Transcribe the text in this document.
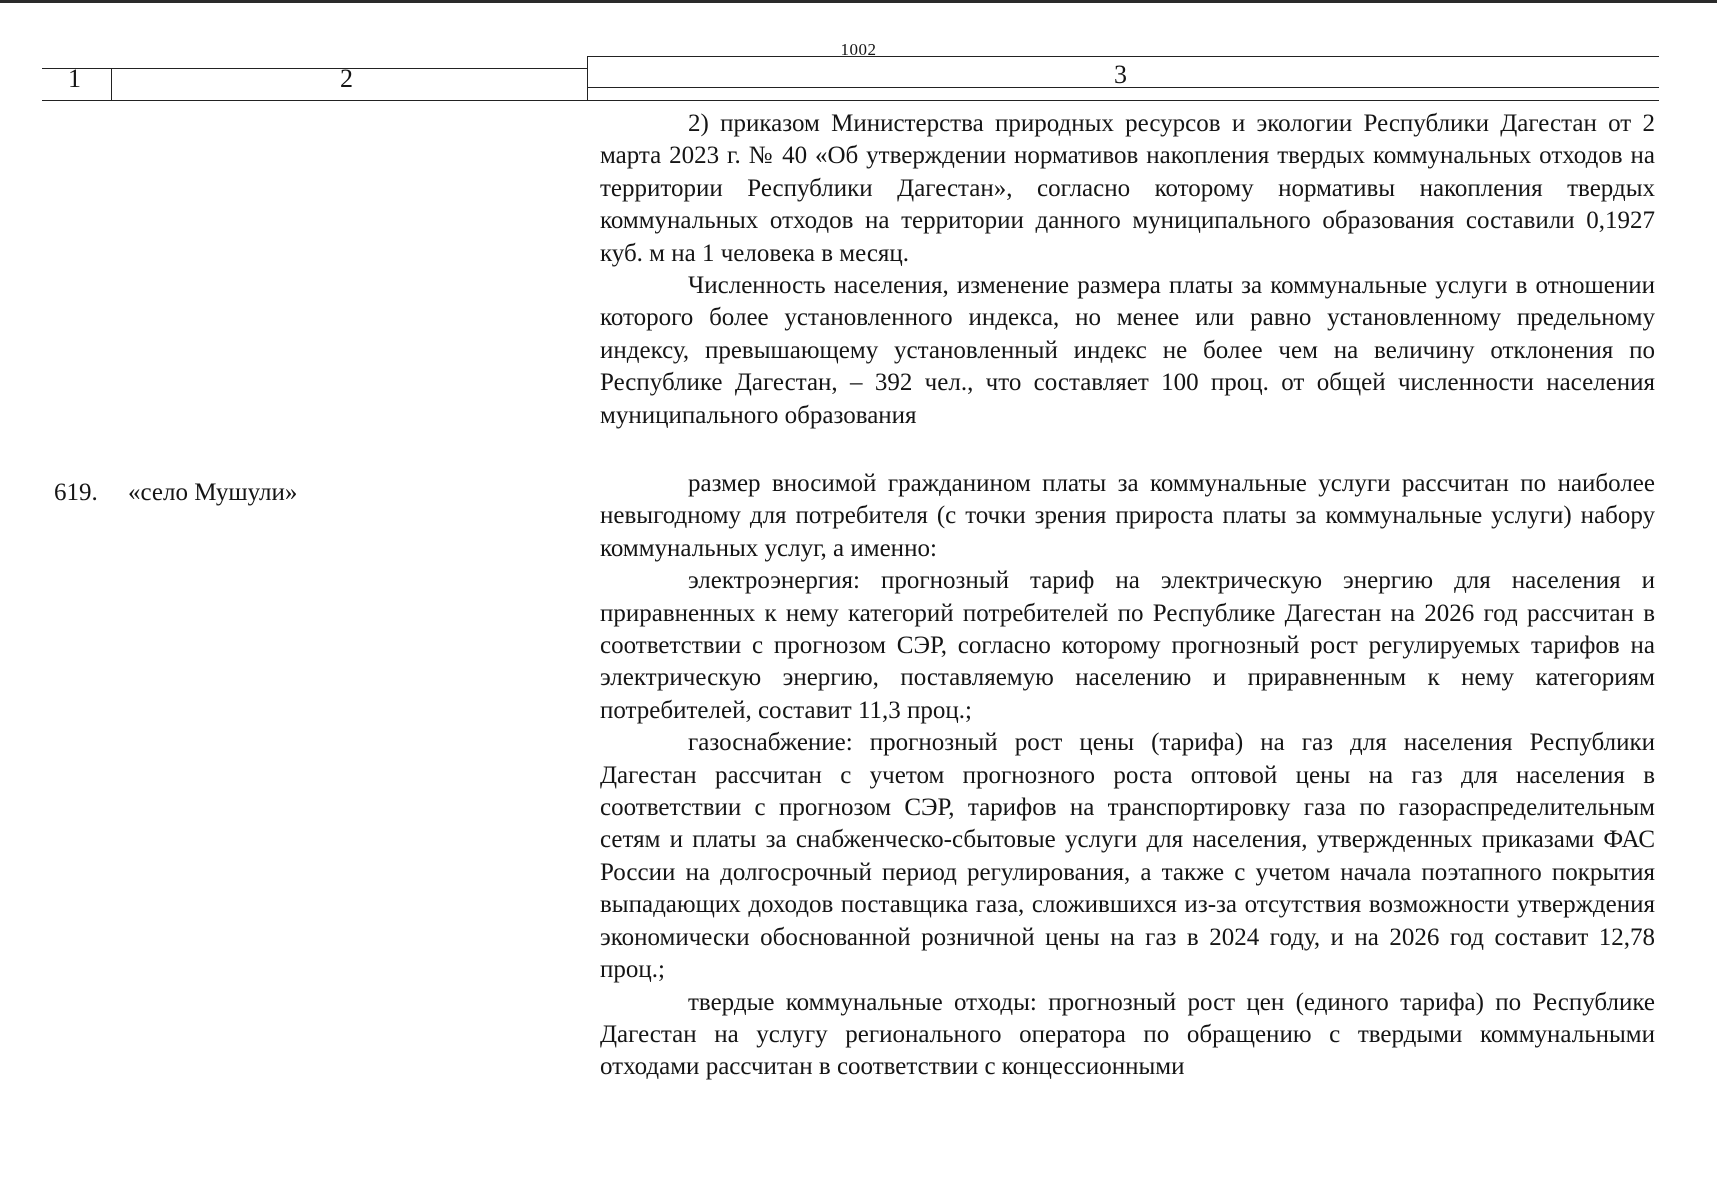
1002
1	2	3

2) приказом Министерства природных ресурсов и экологии Республики Дагестан от 2 марта 2023 г. № 40 «Об утверждении нормативов накопления твердых коммунальных отходов на территории Республики Дагестан», согласно которому нормативы накопления твердых коммунальных отходов на территории данного муниципального образования составили 0,1927 куб. м на 1 человека в месяц.

Численность населения, изменение размера платы за коммунальные услуги в отношении которого более установленного индекса, но менее или равно установленному предельному индексу, превышающему установленный индекс не более чем на величину отклонения по Республике Дагестан, – 392 чел., что составляет 100 проц. от общей численности населения муниципального образования

619. «село Мушули»	размер вносимой гражданином платы за коммунальные услуги рассчитан по наиболее невыгодному для потребителя (с точки зрения прироста платы за коммунальные услуги) набору коммунальных услуг, а именно:

электроэнергия: прогнозный тариф на электрическую энергию для населения и приравненных к нему категорий потребителей по Республике Дагестан на 2026 год рассчитан в соответствии с прогнозом СЭР, согласно которому прогнозный рост регулируемых тарифов на электрическую энергию, поставляемую населению и приравненным к нему категориям потребителей, составит 11,3 проц.;

газоснабжение: прогнозный рост цены (тарифа) на газ для населения Республики Дагестан рассчитан с учетом прогнозного роста оптовой цены на газ для населения в соответствии с прогнозом СЭР, тарифов на транспортировку газа по газораспределительным сетям и платы за снабженческо-сбытовые услуги для населения, утвержденных приказами ФАС России на долгосрочный период регулирования, а также с учетом начала поэтапного покрытия выпадающих доходов поставщика газа, сложившихся из-за отсутствия возможности утверждения экономически обоснованной розничной цены на газ в 2024 году, и на 2026 год составит 12,78 проц.;

твердые коммунальные отходы: прогнозный рост цен (единого тарифа) по Республике Дагестан на услугу регионального оператора по обращению с твердыми коммунальными отходами рассчитан в соответствии с концессионными
